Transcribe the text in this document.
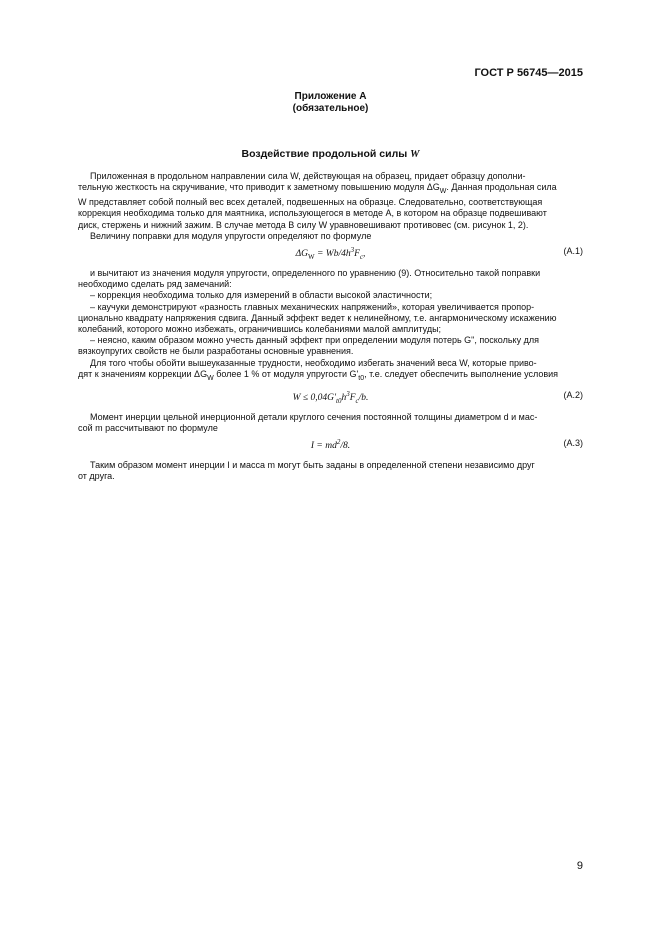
ГОСТ Р 56745—2015
Приложение А
(обязательное)
Воздействие продольной силы W

Приложенная в продольном направлении сила W, действующая на образец, придает образцу дополни-

тельную жесткость на скручивание, что приводит к заметному повышению модуля $\Delta G_W$. Данная продольная сила

W представляет собой полный вес всех деталей, подвешенных на образце. Следовательно, соответствующая

коррекция необходима только для маятника, использующегося в методе А, в котором на образце подвешивают

диск, стержень и нижний зажим. В случае метода В силу W уравновешивают противовес (см. рисунок 1, 2).

Величину поправки для модуля упругости определяют по формуле

$\Delta G_W = Wb/4h^3F_c$,	(A.1)

и вычитают из значения модуля упругости, определенного по уравнению (9). Относительно такой поправки

необходимо сделать ряд замечаний:

– коррекция необходима только для измерений в области высокой эластичности;

– каучуки демонстрируют «разность главных механических напряжений», которая увеличивается пропор-

ционально квадрату напряжения сдвига. Данный эффект ведет к нелинейному, т.е. ангармоническому искажению

колебаний, которого можно избежать, ограничившись колебаниями малой амплитуды;

– неясно, каким образом можно учесть данный эффект при определении модуля потерь G", поскольку для

вязкоупругих свойств не были разработаны основные уравнения.

Для того чтобы обойти вышеуказанные трудности, необходимо избегать значений веса W, которые приво-

дят к значениям коррекции $\Delta G_W$ более 1 % от модуля упругости $G'_{t0}$, т.е. следует обеспечить выполнение условия

$W \le 0,04G'_{t0}h^3F_c/b$.	(A.2)

Момент инерции цельной инерционной детали круглого сечения постоянной толщины диаметром d и мас-

сой m рассчитывают по формуле

$I = md^2/8$.	(A.3)

Таким образом момент инерции I и масса m могут быть заданы в определенной степени независимо друг

от друга.

9
